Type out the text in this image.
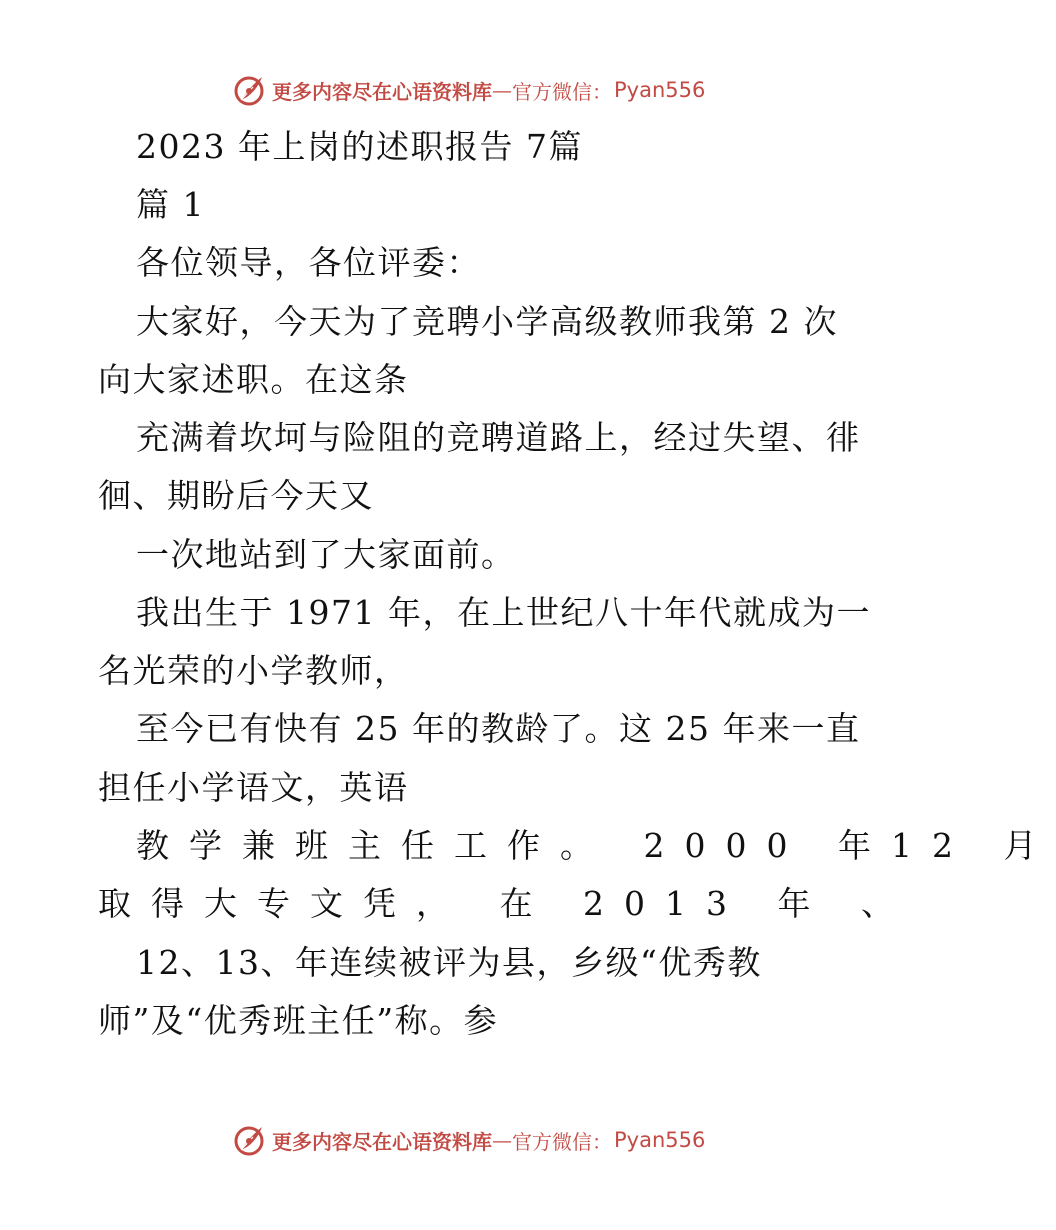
更多内容尽在心语资料库 — 官方微信： Pyan556
2023 年上岗的述职报告 7篇
篇 1
各位领导，各位评委：
大家好，今天为了竞聘小学高级教师我第 2 次
向大家述职。在这条
充满着坎坷与险阻的竞聘道路上，经过失望、徘
徊、期盼后今天又
一次地站到了大家面前。
我出生于 1971 年，在上世纪八十年代就成为一
名光荣的小学教师，
至今已有快有 25 年的教龄了。这 25 年来一直
担任小学语文，英语
教学兼班主任工作。 2000 年12 月
取得大专文凭， 在 2013 年 、
12、13、年连续被评为县，乡级“优秀教
师”及“优秀班主任”称。参
更多内容尽在心语资料库 — 官方微信： Pyan556
